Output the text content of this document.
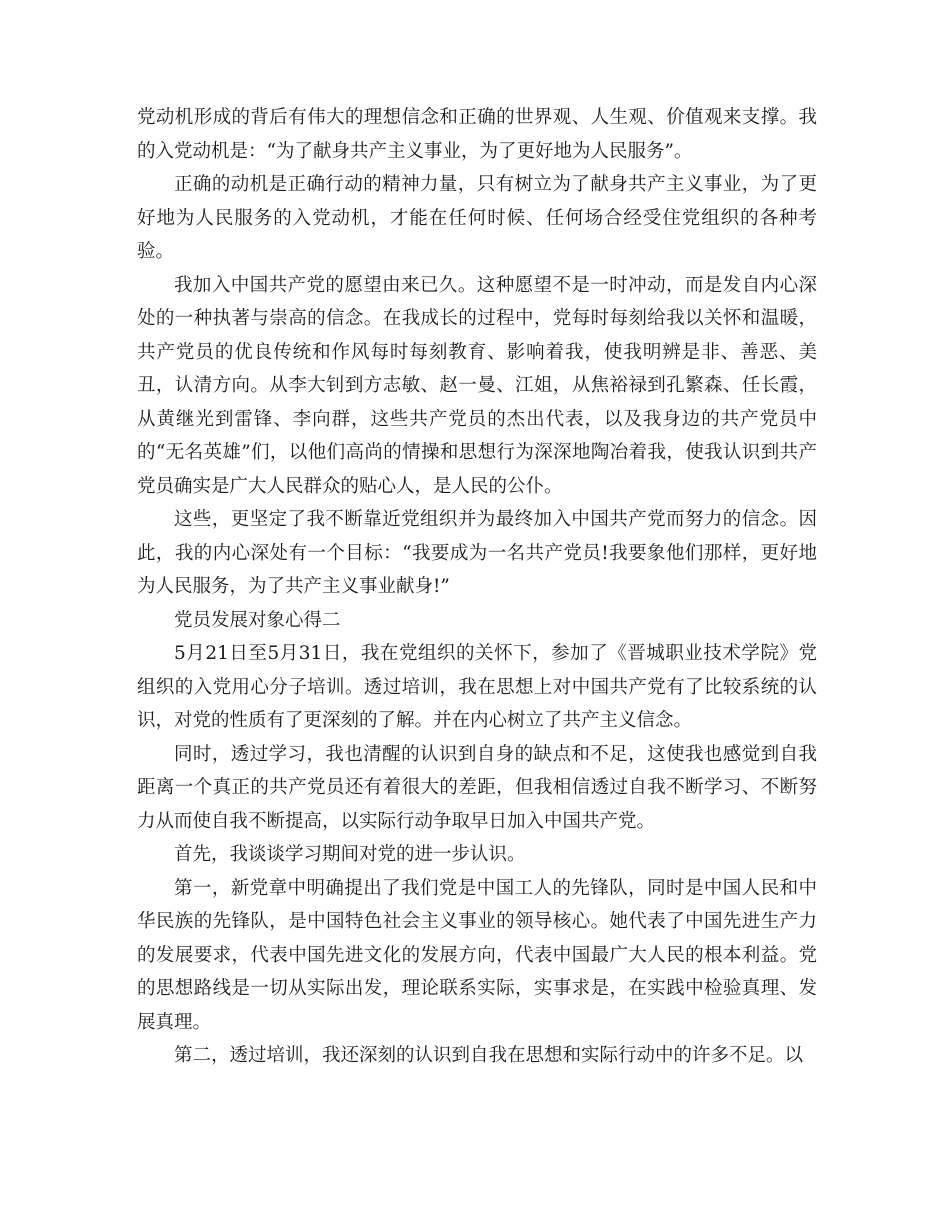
党动机形成的背后有伟大的理想信念和正确的世界观、人生观、价值观来支撑。我的入党动机是：“为了献身共产主义事业，为了更好地为人民服务”。

正确的动机是正确行动的精神力量，只有树立为了献身共产主义事业，为了更好地为人民服务的入党动机，才能在任何时候、任何场合经受住党组织的各种考验。

我加入中国共产党的愿望由来已久。这种愿望不是一时冲动，而是发自内心深处的一种执著与崇高的信念。在我成长的过程中，党每时每刻给我以关怀和温暖，共产党员的优良传统和作风每时每刻教育、影响着我，使我明辨是非、善恶、美丑，认清方向。从李大钊到方志敏、赵一曼、江姐，从焦裕禄到孔繁森、任长霞，从黄继光到雷锋、李向群，这些共产党员的杰出代表，以及我身边的共产党员中的“无名英雄”们，以他们高尚的情操和思想行为深深地陶冶着我，使我认识到共产党员确实是广大人民群众的贴心人，是人民的公仆。

这些，更坚定了我不断靠近党组织并为最终加入中国共产党而努力的信念。因此，我的内心深处有一个目标：“我要成为一名共产党员!我要象他们那样，更好地为人民服务，为了共产主义事业献身!”

党员发展对象心得二

5月21日至5月31日，我在党组织的关怀下，参加了《晋城职业技术学院》党组织的入党用心分子培训。透过培训，我在思想上对中国共产党有了比较系统的认识，对党的性质有了更深刻的了解。并在内心树立了共产主义信念。

同时，透过学习，我也清醒的认识到自身的缺点和不足，这使我也感觉到自我距离一个真正的共产党员还有着很大的差距，但我相信透过自我不断学习、不断努力从而使自我不断提高，以实际行动争取早日加入中国共产党。

首先，我谈谈学习期间对党的进一步认识。

第一，新党章中明确提出了我们党是中国工人的先锋队，同时是中国人民和中华民族的先锋队，是中国特色社会主义事业的领导核心。她代表了中国先进生产力的发展要求，代表中国先进文化的发展方向，代表中国最广大人民的根本利益。党的思想路线是一切从实际出发，理论联系实际，实事求是，在实践中检验真理、发展真理。

第二，透过培训，我还深刻的认识到自我在思想和实际行动中的许多不足。以
